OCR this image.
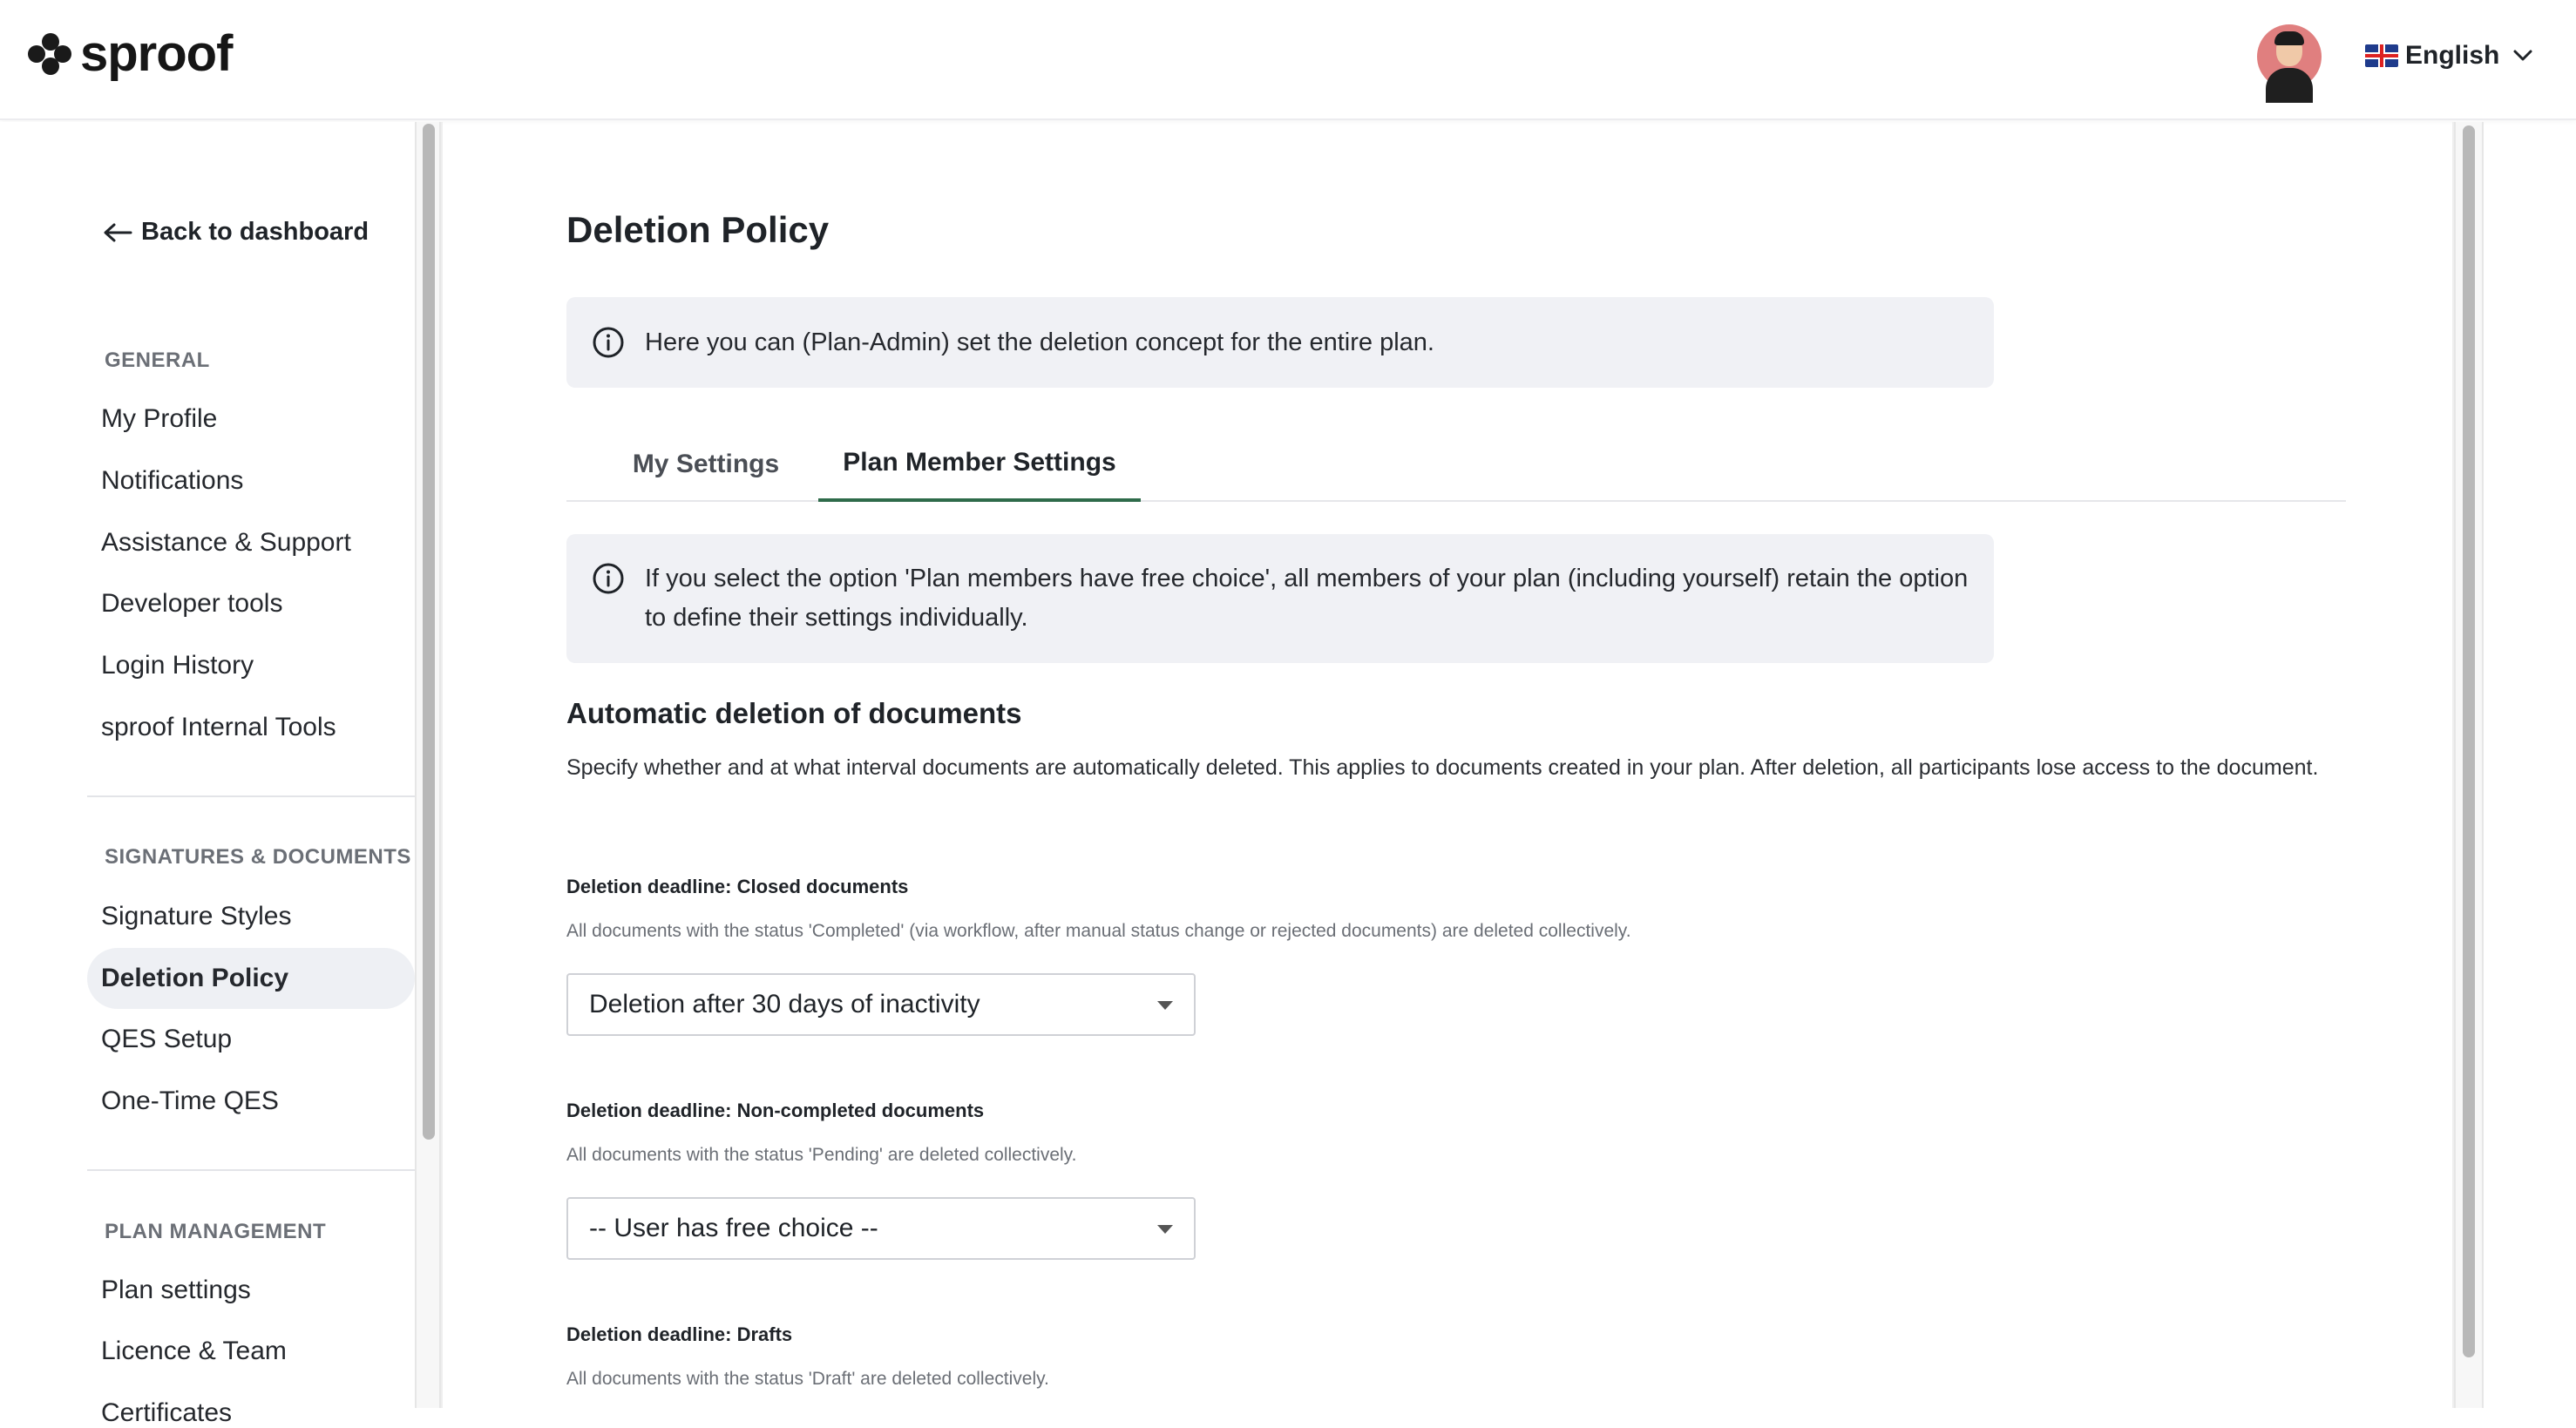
sproof	English
Back to dashboard
GENERAL
My Profile
Notifications
Assistance & Support
Developer tools
Login History
sproof Internal Tools
SIGNATURES & DOCUMENTS
Signature Styles
Deletion Policy
QES Setup
One-Time QES
PLAN MANAGEMENT
Plan settings
Licence & Team
Certificates
Deletion Policy
Here you can (Plan-Admin) set the deletion concept for the entire plan.
My Settings	Plan Member Settings
If you select the option 'Plan members have free choice', all members of your plan (including yourself) retain the option to define their settings individually.
Automatic deletion of documents
Specify whether and at what interval documents are automatically deleted. This applies to documents created in your plan. After deletion, all participants lose access to the document.
Deletion deadline: Closed documents
All documents with the status 'Completed' (via workflow, after manual status change or rejected documents) are deleted collectively.
Deletion after 30 days of inactivity
Deletion deadline: Non-completed documents
All documents with the status 'Pending' are deleted collectively.
-- User has free choice --
Deletion deadline: Drafts
All documents with the status 'Draft' are deleted collectively.
